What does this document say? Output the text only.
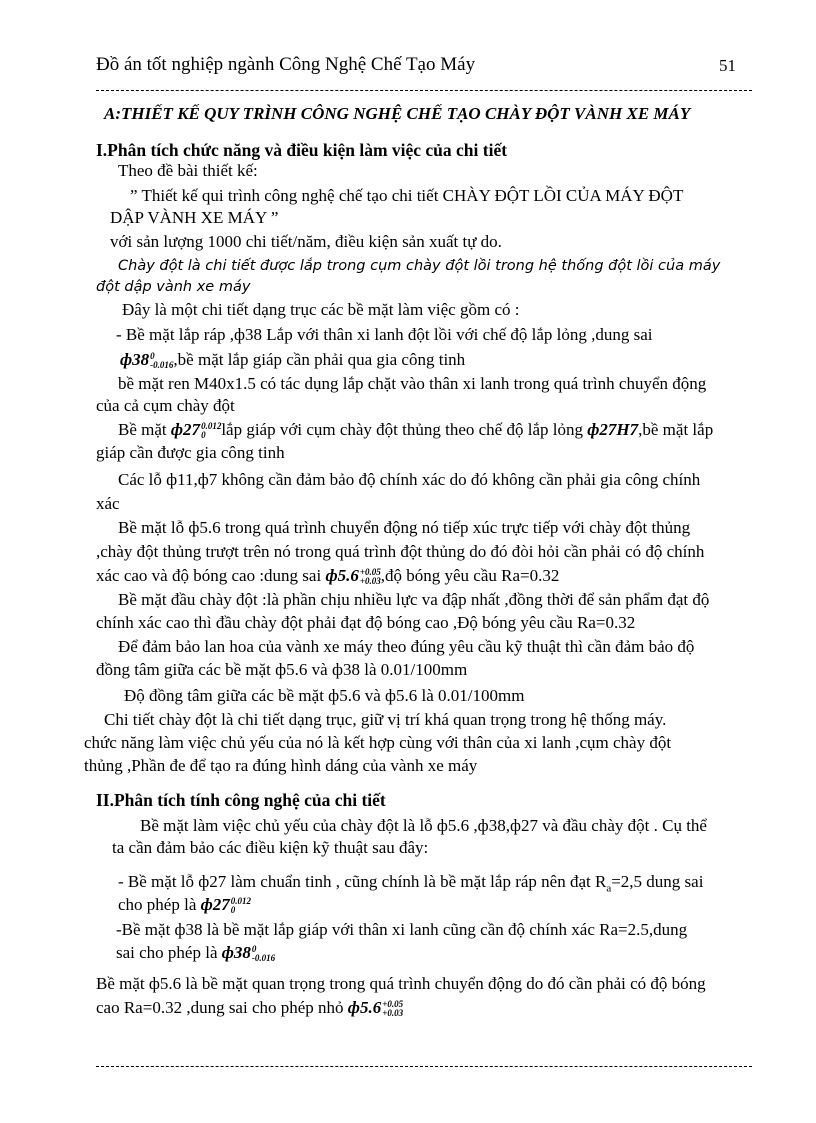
Đồ án tốt nghiệp ngành Công Nghệ Chế Tạo Máy	51
A:THIẾT KẾ QUY TRÌNH CÔNG NGHỆ CHẾ TẠO CHÀY ĐỘT VÀNH XE MÁY
I.Phân tích chức năng và điều kiện làm việc của chi tiết
Theo đề bài thiết kế:
” Thiết kế qui trình công nghệ chế tạo chi tiết CHÀY ĐỘT LỒI CỦA MÁY ĐỘT
DẬP VÀNH XE MÁY ”
với sản lượng 1000 chi tiết/năm, điều kiện sản xuất tự do.
Chày đột là chi tiết được lắp trong cụm chày đột lồi trong hệ thống đột lồi của máy
đột dập vành xe máy
Đây là một chi tiết dạng trục các bề mặt làm việc gồm có :
- Bề mặt lắp ráp ,ф38 Lắp với thân xi lanh đột lồi với chế độ lắp lỏng ,dung sai
ф38 0
-0.016 ,bề mặt lắp giáp cần phải qua gia công tinh
bề mặt ren M40x1.5 có tác dụng lắp chặt vào thân xi lanh trong quá trình chuyển động
của cả cụm chày đột
Bề mặt ф27 0.012
0 lắp giáp với cụm chày đột thủng theo chế độ lắp lỏng ф27H7,bề mặt lắp
giáp cần được gia công tinh
Các lỗ ф11,ф7 không cần đảm bảo độ chính xác do đó không cần phải gia công chính
xác
Bề mặt lỗ ф5.6 trong quá trình chuyển động nó tiếp xúc trực tiếp với chày đột thủng
,chày đột thủng trượt trên nó trong quá trình đột thủng do đó đòi hỏi cần phải có độ chính
xác cao và độ bóng cao :dung sai ф5.6 +0.05
+0.03 ,độ bóng yêu cầu Ra=0.32
Bề mặt đầu chày đột :là phần chịu nhiều lực va đập nhất ,đồng thời để sản phẩm đạt độ
chính xác cao thì đầu chày đột phải đạt độ bóng cao ,Độ bóng yêu cầu Ra=0.32
Để đảm bảo lan hoa của vành xe máy theo đúng yêu cầu kỹ thuật thì cần đảm bảo độ
đồng tâm giữa các bề mặt ф5.6 và ф38 là 0.01/100mm
Độ đồng tâm giữa các bề mặt ф5.6 và ф5.6 là 0.01/100mm
Chi tiết chày đột là chi tiết dạng trục, giữ vị trí khá quan trọng trong hệ thống máy.
chức năng làm việc chủ yếu của nó là kết hợp cùng với thân của xi lanh ,cụm chày đột
thủng ,Phần đe để tạo ra đúng hình dáng của vành xe máy
II.Phân tích tính công nghệ của chi tiết
Bề mặt làm việc chủ yếu của chày đột là lỗ ф5.6 ,ф38,ф27 và đầu chày đột . Cụ thể
ta cần đảm bảo các điều kiện kỹ thuật sau đây:
- Bề mặt lỗ ф27 làm chuẩn tinh , cũng chính là bề mặt lắp ráp nên đạt $R_a=2,5$ dung sai
cho phép là ф27 0.012
0
-Bề mặt ф38 là bề mặt lắp giáp với thân xi lanh cũng cần độ chính xác Ra=2.5,dung
sai cho phép là ф38 0
-0.016
Bề mặt ф5.6 là bề mặt quan trọng trong quá trình chuyển động do đó cần phải có độ bóng
cao Ra=0.32 ,dung sai cho phép nhỏ ф5.6 +0.05
+0.03
